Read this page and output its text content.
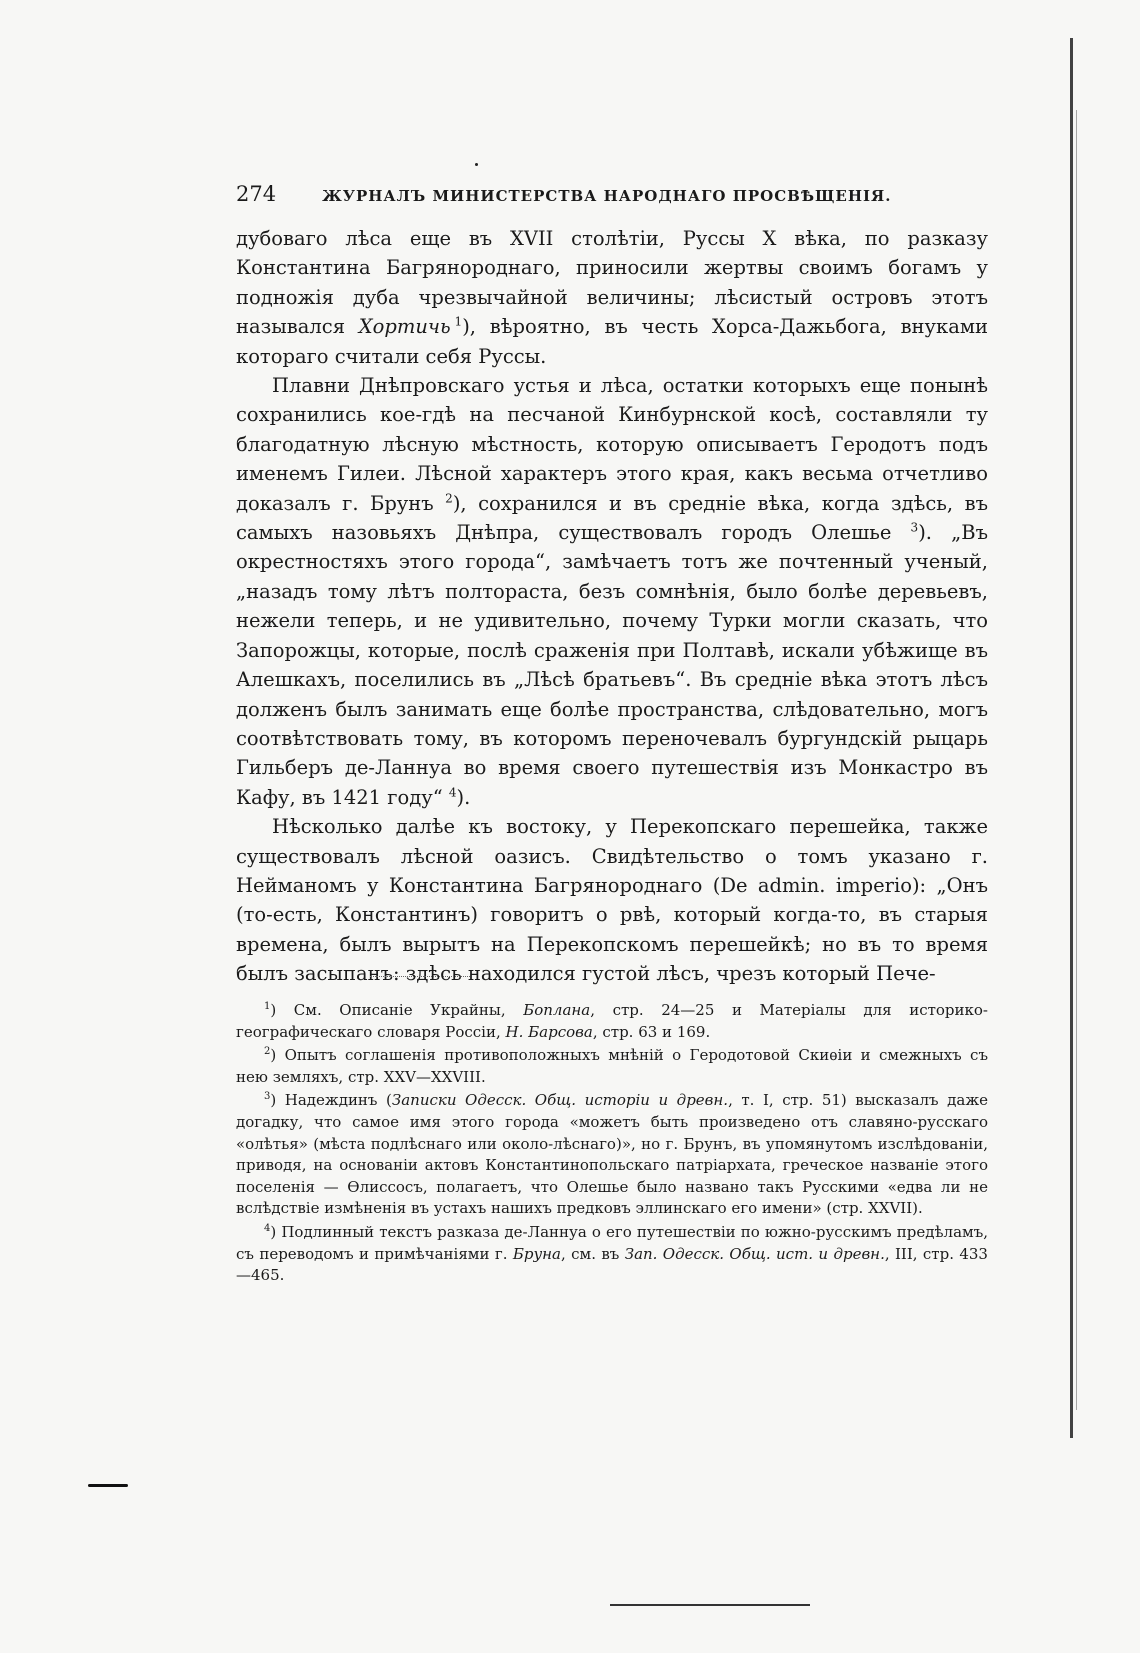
274	ЖУРНАЛЪ МИНИСТЕРСТВА НАРОДНАГО ПРОСВѢЩЕНІЯ.

дубоваго лѣса еще въ XVII столѣтіи, Руссы X вѣка, по разказу Константина Багрянороднаго, приносили жертвы своимъ богамъ у подножія дуба чрезвычайной величины; лѣсистый островъ этотъ назывался Хортичь  $^1$), вѣроятно, въ честь Хорса-Дажьбога, внуками котораго считали себя Руссы.

Плавни Днѣпровскаго устья и лѣса, остатки которыхъ еще понынѣ сохранились кое-гдѣ на песчаной Кинбурнской косѣ, составляли ту благодатную лѣсную мѣстность, которую описываетъ Геродотъ подъ именемъ Гилеи. Лѣсной характеръ этого края, какъ весьма отчетливо доказалъ г. Брунъ $^2$), сохранился и въ средніе вѣка, когда здѣсь, въ самыхъ назовьяхъ Днѣпра, существовалъ городъ Олешье $^3$). „Въ окрестностяхъ этого города“, замѣчаетъ тотъ же почтенный ученый, „назадъ тому лѣтъ полтораста, безъ сомнѣнія, было болѣе деревьевъ, нежели теперь, и не удивительно, почему Турки могли сказать, что Запорожцы, которые, послѣ сраженія при Полтавѣ, искали убѣжище въ Алешкахъ, поселились въ „Лѣсѣ братьевъ“. Въ средніе вѣка этотъ лѣсъ долженъ былъ занимать еще болѣе пространства, слѣдовательно, могъ соотвѣтствовать тому, въ которомъ переночевалъ бургундскій рыцарь Гильберъ де-Ланнуа во время своего путешествія изъ Монкастро въ Кафу, въ 1421 году“ $^4$).

Нѣсколько далѣе къ востоку, у Перекопскаго перешейка, также существовалъ лѣсной оазисъ. Свидѣтельство о томъ указано г. Нейманомъ у Константина Багрянороднаго (De admin. imperio): „Онъ (то-есть, Константинъ) говоритъ о рвѣ, который когда-то, въ старыя времена, былъ вырытъ на Перекопскомъ перешейкѣ; но въ то время былъ засыпанъ: здѣсь находился густой лѣсъ, чрезъ который Пече-

$^1$) См. Описаніе Украйны, Боплана, стр. 24—25 и Матеріалы для историко-географическаго словаря Россіи, Н. Барсова, стр. 63 и 169.

$^2$) Опытъ соглашенія противоположныхъ мнѣній о Геродотовой Скиѳіи и смежныхъ съ нею земляхъ, стр. XXV—XXVIII.

$^3$) Надеждинъ (Записки Одесск. Общ. исторіи и древн., т. I, стр. 51) высказалъ даже догадку, что самое имя этого города «можетъ быть произведено отъ славяно-русскаго «олѣтья» (мѣста подлѣснаго или около-лѣснаго)», но г. Брунъ, въ упомянутомъ изслѣдованіи, приводя, на основаніи актовъ Константинопольскаго патріархата, греческое названіе этого поселенія — Ѳлиссосъ, полагаетъ, что Олешье было названо такъ Русскими «едва ли не вслѣдствіе измѣненія въ устахъ нашихъ предковъ эллинскаго его имени» (стр. XXVII).

$^4$) Подлинный текстъ разказа де-Ланнуа о его путешествіи по южно-русскимъ предѣламъ, съ переводомъ и примѣчаніями г. Бруна, см. въ Зап. Одесск. Общ. ист. и древн., III, стр. 433—465.
